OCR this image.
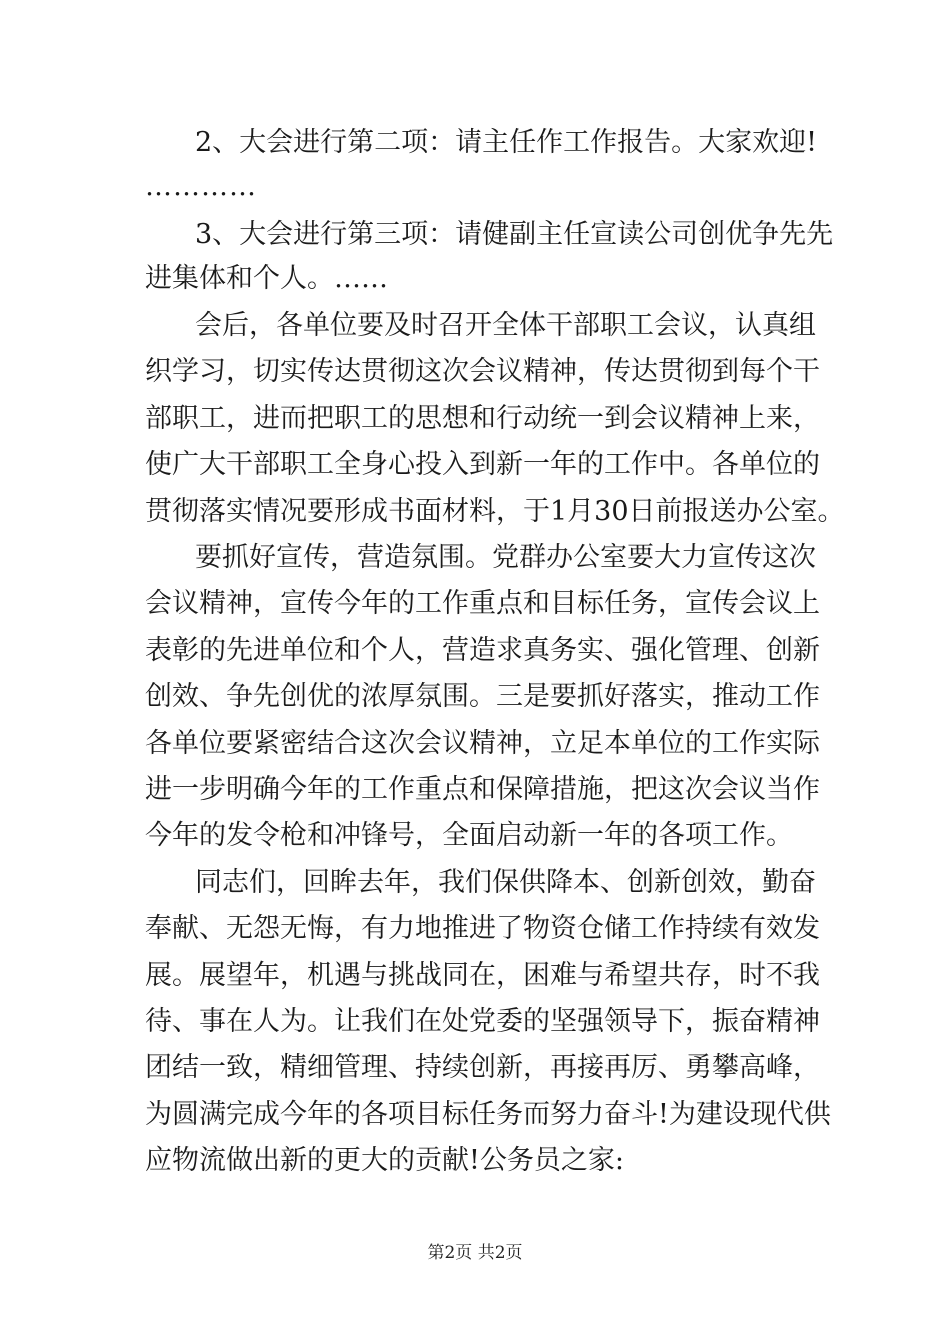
2、大会进行第二项：请主任作工作报告。大家欢迎!
…………
3、大会进行第三项：请健副主任宣读公司创优争先先
进集体和个人。……
会后，各单位要及时召开全体干部职工会议，认真组
织学习，切实传达贯彻这次会议精神，传达贯彻到每个干
部职工，进而把职工的思想和行动统一到会议精神上来，
使广大干部职工全身心投入到新一年的工作中。各单位的
贯彻落实情况要形成书面材料，于1月30日前报送办公室。
要抓好宣传，营造氛围。党群办公室要大力宣传这次
会议精神，宣传今年的工作重点和目标任务，宣传会议上
表彰的先进单位和个人，营造求真务实、强化管理、创新
创效、争先创优的浓厚氛围。三是要抓好落实，推动工作
各单位要紧密结合这次会议精神，立足本单位的工作实际
进一步明确今年的工作重点和保障措施，把这次会议当作
今年的发令枪和冲锋号，全面启动新一年的各项工作。
同志们，回眸去年，我们保供降本、创新创效，勤奋
奉献、无怨无悔，有力地推进了物资仓储工作持续有效发
展。展望年，机遇与挑战同在，困难与希望共存，时不我
待、事在人为。让我们在处党委的坚强领导下，振奋精神
团结一致，精细管理、持续创新，再接再厉、勇攀高峰，
为圆满完成今年的各项目标任务而努力奋斗!为建设现代供
应物流做出新的更大的贡献!公务员之家:
第2页 共2页
